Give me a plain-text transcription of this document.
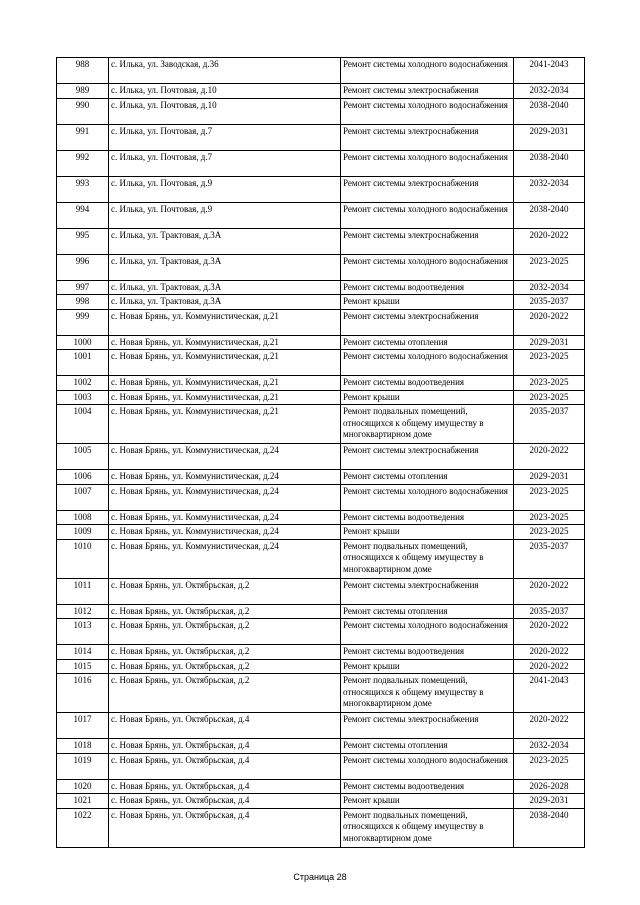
988	с. Илька, ул. Заводская, д.36	Ремонт системы холодного водоснабжения	2041-2043
989	с. Илька, ул. Почтовая, д.10	Ремонт системы электроснабжения	2032-2034
990	с. Илька, ул. Почтовая, д.10	Ремонт системы холодного водоснабжения	2038-2040
991	с. Илька, ул. Почтовая, д.7	Ремонт системы электроснабжения	2029-2031
992	с. Илька, ул. Почтовая, д.7	Ремонт системы холодного водоснабжения	2038-2040
993	с. Илька, ул. Почтовая, д.9	Ремонт системы электроснабжения	2032-2034
994	с. Илька, ул. Почтовая, д.9	Ремонт системы холодного водоснабжения	2038-2040
995	с. Илька, ул. Трактовая, д.3А	Ремонт системы электроснабжения	2020-2022
996	с. Илька, ул. Трактовая, д.3А	Ремонт системы холодного водоснабжения	2023-2025
997	с. Илька, ул. Трактовая, д.3А	Ремонт системы водоотведения	2032-2034
998	с. Илька, ул. Трактовая, д.3А	Ремонт крыши	2035-2037
999	с. Новая Брянь, ул. Коммунистическая, д.21	Ремонт системы электроснабжения	2020-2022
1000	с. Новая Брянь, ул. Коммунистическая, д.21	Ремонт системы отопления	2029-2031
1001	с. Новая Брянь, ул. Коммунистическая, д.21	Ремонт системы холодного водоснабжения	2023-2025
1002	с. Новая Брянь, ул. Коммунистическая, д.21	Ремонт системы водоотведения	2023-2025
1003	с. Новая Брянь, ул. Коммунистическая, д.21	Ремонт крыши	2023-2025
1004	с. Новая Брянь, ул. Коммунистическая, д.21	Ремонт подвальных помещений, относящихся к общему имуществу в многоквартирном доме	2035-2037
1005	с. Новая Брянь, ул. Коммунистическая, д.24	Ремонт системы электроснабжения	2020-2022
1006	с. Новая Брянь, ул. Коммунистическая, д.24	Ремонт системы отопления	2029-2031
1007	с. Новая Брянь, ул. Коммунистическая, д.24	Ремонт системы холодного водоснабжения	2023-2025
1008	с. Новая Брянь, ул. Коммунистическая, д.24	Ремонт системы водоотведения	2023-2025
1009	с. Новая Брянь, ул. Коммунистическая, д.24	Ремонт крыши	2023-2025
1010	с. Новая Брянь, ул. Коммунистическая, д.24	Ремонт подвальных помещений, относящихся к общему имуществу в многоквартирном доме	2035-2037
1011	с. Новая Брянь, ул. Октябрьская, д.2	Ремонт системы электроснабжения	2020-2022
1012	с. Новая Брянь, ул. Октябрьская, д.2	Ремонт системы отопления	2035-2037
1013	с. Новая Брянь, ул. Октябрьская, д.2	Ремонт системы холодного водоснабжения	2020-2022
1014	с. Новая Брянь, ул. Октябрьская, д.2	Ремонт системы водоотведения	2020-2022
1015	с. Новая Брянь, ул. Октябрьская, д.2	Ремонт крыши	2020-2022
1016	с. Новая Брянь, ул. Октябрьская, д.2	Ремонт подвальных помещений, относящихся к общему имуществу в многоквартирном доме	2041-2043
1017	с. Новая Брянь, ул. Октябрьская, д.4	Ремонт системы электроснабжения	2020-2022
1018	с. Новая Брянь, ул. Октябрьская, д.4	Ремонт системы отопления	2032-2034
1019	с. Новая Брянь, ул. Октябрьская, д.4	Ремонт системы холодного водоснабжения	2023-2025
1020	с. Новая Брянь, ул. Октябрьская, д.4	Ремонт системы водоотведения	2026-2028
1021	с. Новая Брянь, ул. Октябрьская, д.4	Ремонт крыши	2029-2031
1022	с. Новая Брянь, ул. Октябрьская, д.4	Ремонт подвальных помещений, относящихся к общему имуществу в многоквартирном доме	2038-2040
Страница 28
